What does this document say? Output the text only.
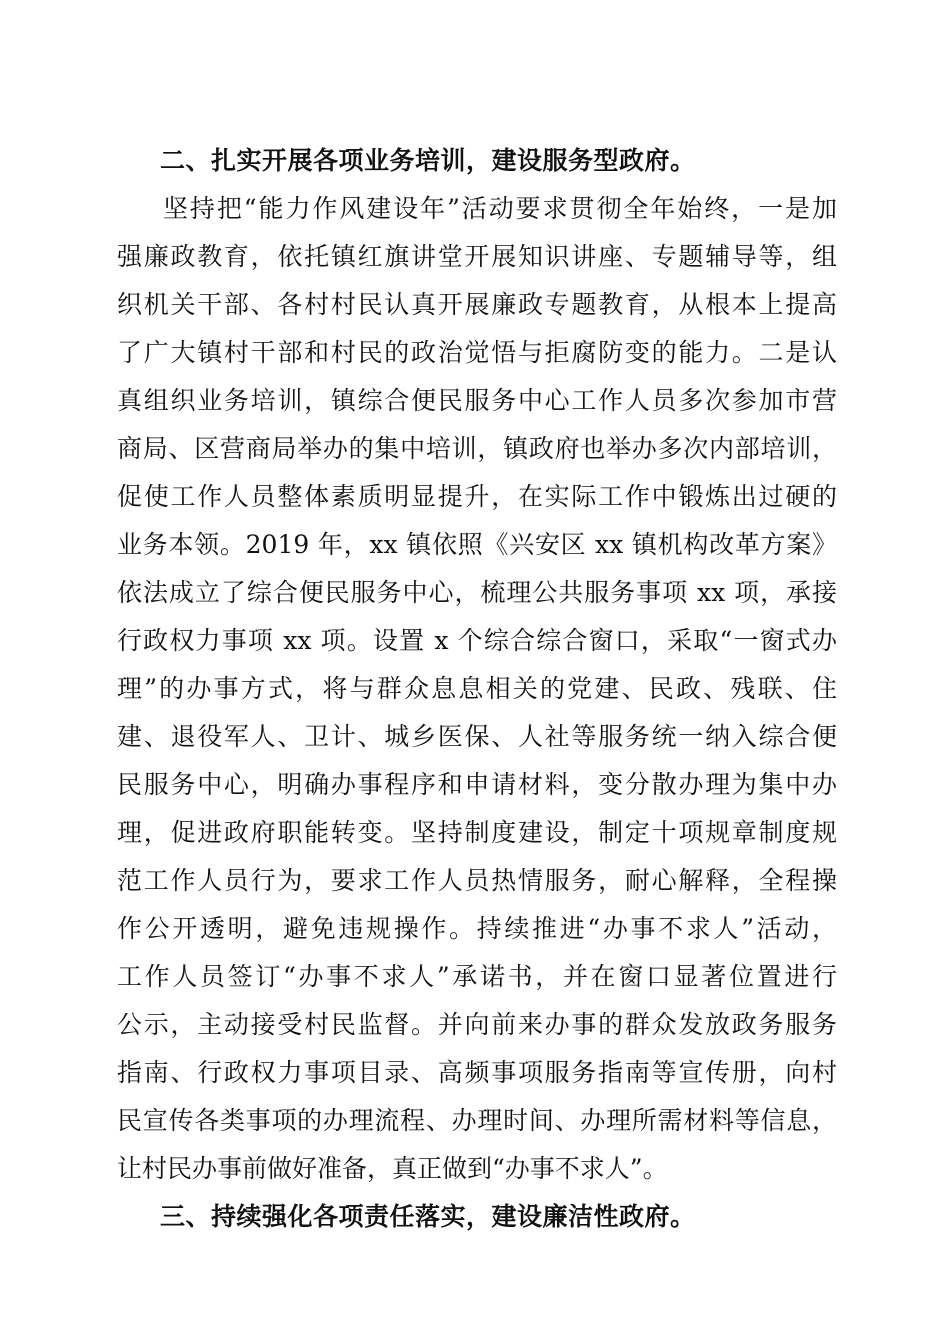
二、扎实开展各项业务培训，建设服务型政府。
坚持把“能力作风建设年”活动要求贯彻全年始终，一是加
强廉政教育，依托镇红旗讲堂开展知识讲座、专题辅导等，组
织机关干部、各村村民认真开展廉政专题教育，从根本上提高
了广大镇村干部和村民的政治觉悟与拒腐防变的能力。二是认
真组织业务培训，镇综合便民服务中心工作人员多次参加市营
商局、区营商局举办的集中培训，镇政府也举办多次内部培训，
促使工作人员整体素质明显提升，在实际工作中锻炼出过硬的
业务本领。2019 年，xx 镇依照《兴安区 xx 镇机构改革方案》
依法成立了综合便民服务中心，梳理公共服务事项 xx 项，承接
行政权力事项 xx 项。设置 x 个综合综合窗口，采取“一窗式办
理”的办事方式，将与群众息息相关的党建、民政、残联、住
建、退役军人、卫计、城乡医保、人社等服务统一纳入综合便
民服务中心，明确办事程序和申请材料，变分散办理为集中办
理，促进政府职能转变。坚持制度建设，制定十项规章制度规
范工作人员行为，要求工作人员热情服务，耐心解释，全程操
作公开透明，避免违规操作。持续推进“办事不求人”活动，
工作人员签订“办事不求人”承诺书，并在窗口显著位置进行
公示，主动接受村民监督。并向前来办事的群众发放政务服务
指南、行政权力事项目录、高频事项服务指南等宣传册，向村
民宣传各类事项的办理流程、办理时间、办理所需材料等信息，
让村民办事前做好准备，真正做到“办事不求人”。
三、持续强化各项责任落实，建设廉洁性政府。
